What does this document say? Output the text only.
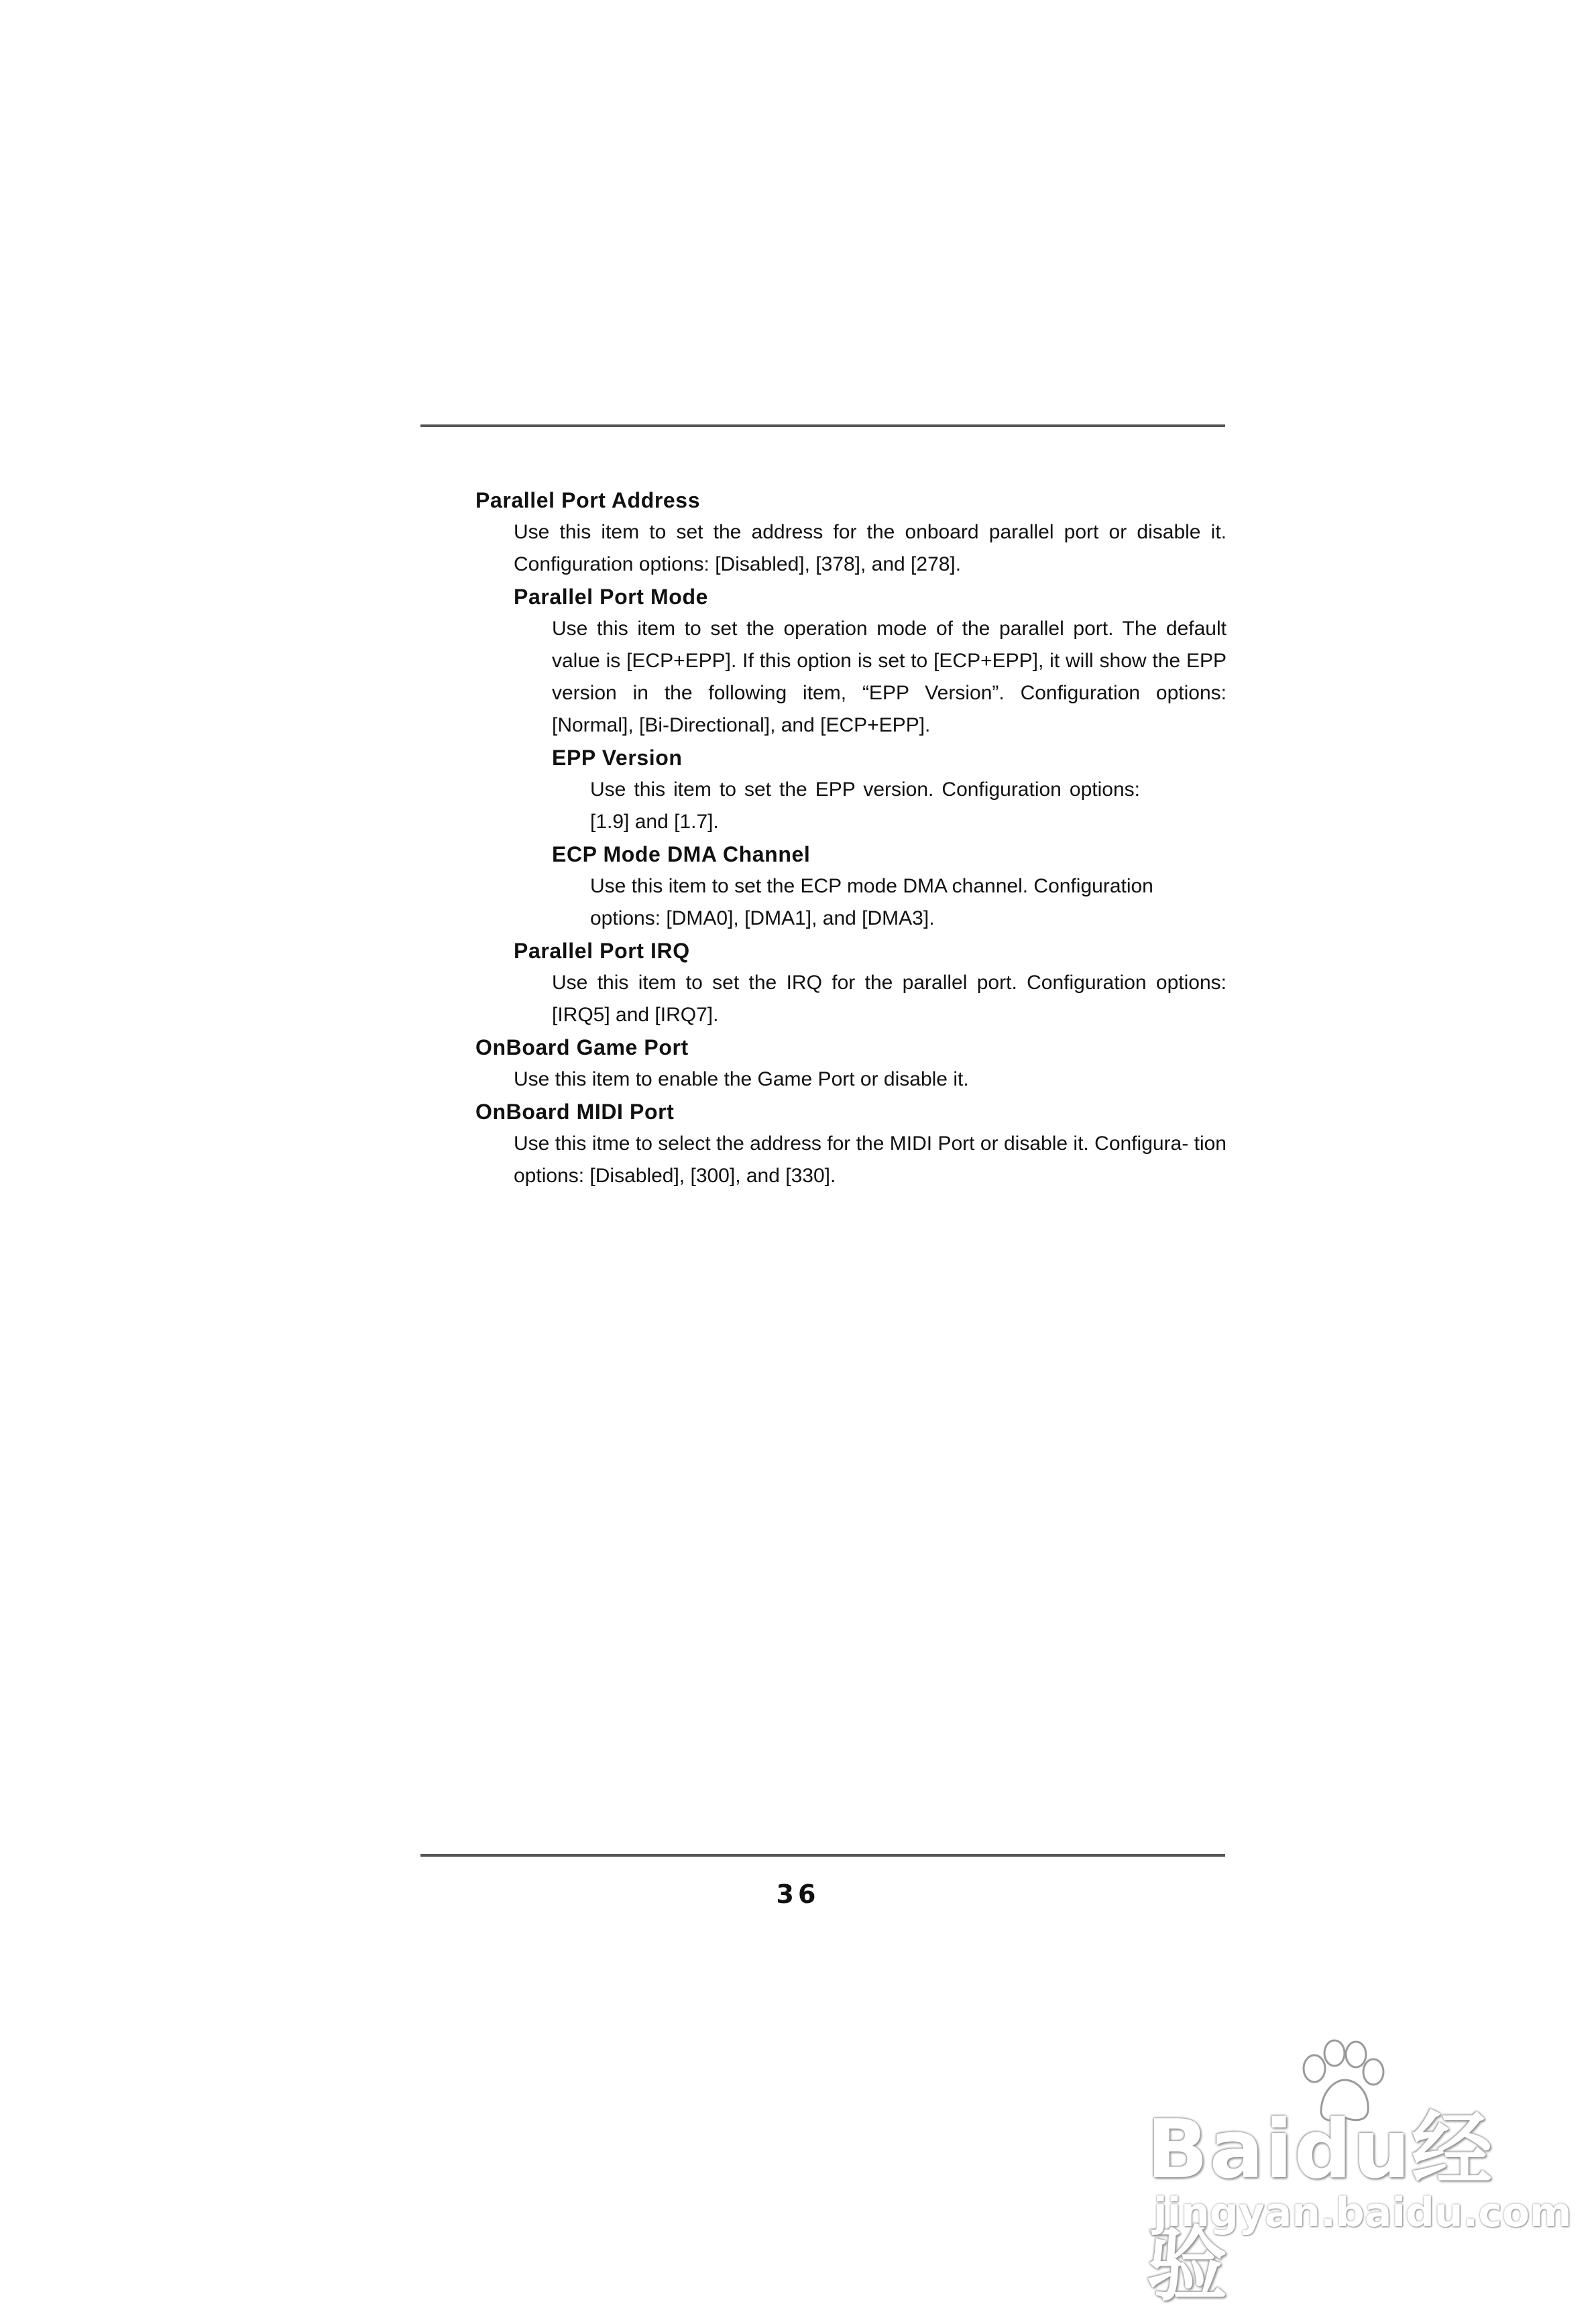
Parallel Port Address

Use this item to set the address for the onboard parallel port or disable it. Configuration options: [Disabled], [378], and [278].

Parallel Port Mode

Use this item to set the operation mode of the parallel port. The default value is [ECP+EPP]. If this option is set to [ECP+EPP], it will show the EPP version in the following item, “EPP Version”. Configuration options: [Normal], [Bi-Directional], and [ECP+EPP].

EPP Version

Use this item to set the EPP version. Configuration options: [1.9] and [1.7].

ECP Mode DMA Channel

Use this item to set the ECP mode DMA channel. Configuration options: [DMA0], [DMA1], and [DMA3].

Parallel Port IRQ

Use this item to set the IRQ for the parallel port. Configuration options: [IRQ5] and [IRQ7].

OnBoard Game Port

Use this item to enable the Game Port or disable it.

OnBoard MIDI Port

Use this itme to select the address for the MIDI Port or disable it. Configura- tion options: [Disabled], [300], and [330].

36
Baidu经验
jingyan.baidu.com
